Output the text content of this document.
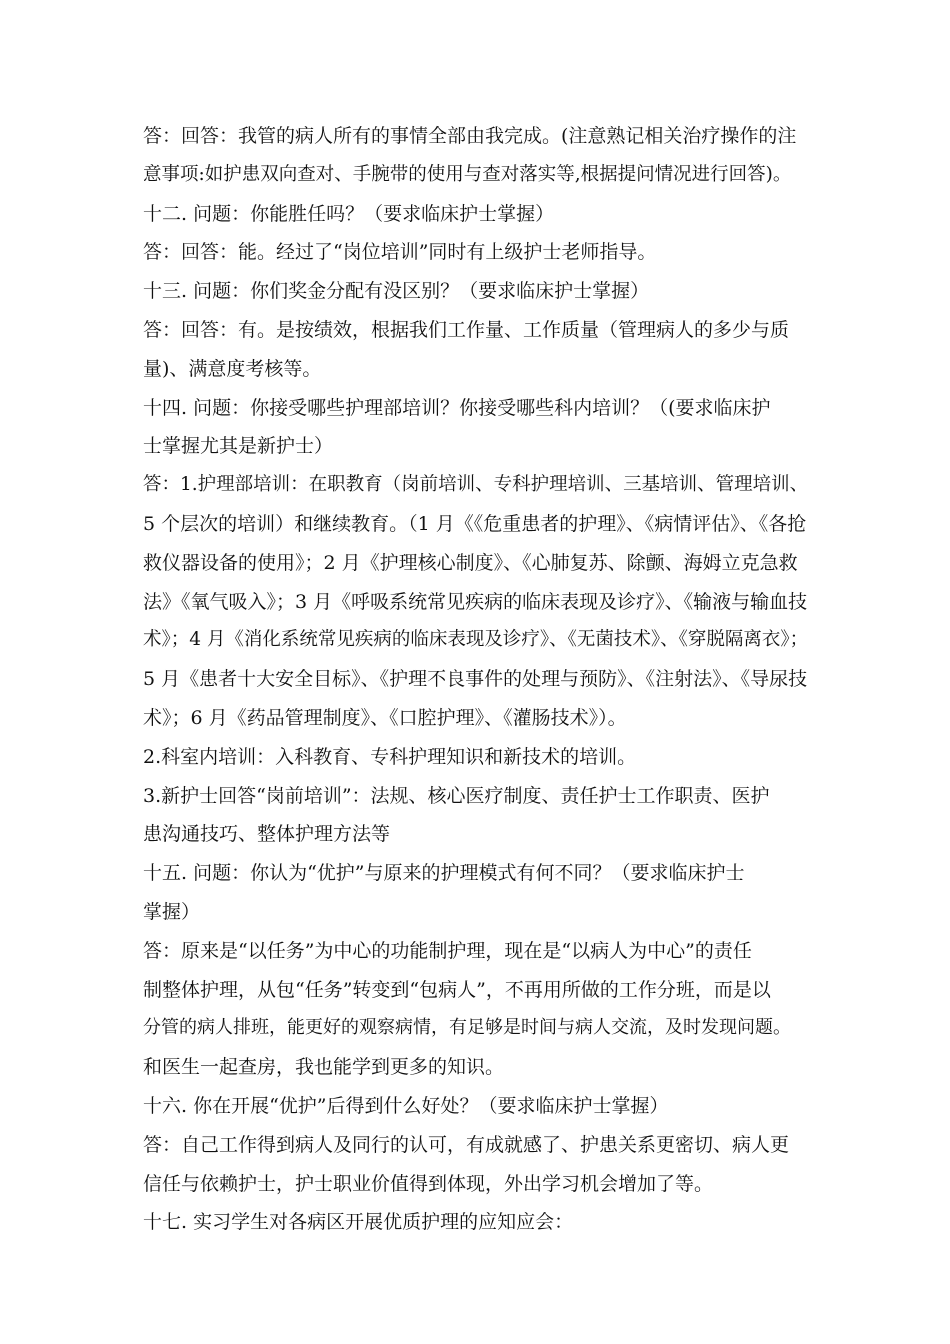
答：回答：我管的病人所有的事情全部由我完成。(注意熟记相关治疗操作的注
意事项:如护患双向查对、手腕带的使用与查对落实等,根据提问情况进行回答)。
十二. 问题：你能胜任吗？（要求临床护士掌握）
答：回答：能。经过了“岗位培训”同时有上级护士老师指导。
十三. 问题：你们奖金分配有没区别？（要求临床护士掌握）
答：回答：有。是按绩效，根据我们工作量、工作质量（管理病人的多少与质
量)、满意度考核等。
十四. 问题：你接受哪些护理部培训？你接受哪些科内培训？（(要求临床护
士掌握尤其是新护士）
答：1.护理部培训：在职教育（岗前培训、专科护理培训、三基培训、管理培训、
5 个层次的培训）和继续教育。（1 月《《危重患者的护理》、《病情评估》、《各抢
救仪器设备的使用》；2 月《护理核心制度》、《心肺复苏、除颤、海姆立克急救
法》《氧气吸入》；3 月《呼吸系统常见疾病的临床表现及诊疗》、《输液与输血技
术》；4 月《消化系统常见疾病的临床表现及诊疗》、《无菌技术》、《穿脱隔离衣》；
5 月《患者十大安全目标》、《护理不良事件的处理与预防》、《注射法》、《导尿技
术》；6 月《药品管理制度》、《口腔护理》、《灌肠技术》）。
2.科室内培训：入科教育、专科护理知识和新技术的培训。
3.新护士回答“岗前培训”：法规、核心医疗制度、责任护士工作职责、医护
患沟通技巧、整体护理方法等
十五. 问题：你认为“优护”与原来的护理模式有何不同？（要求临床护士
掌握）
答：原来是“以任务”为中心的功能制护理，现在是“以病人为中心”的责任
制整体护理，从包“任务”转变到“包病人”，不再用所做的工作分班，而是以
分管的病人排班，能更好的观察病情，有足够是时间与病人交流，及时发现问题。
和医生一起查房，我也能学到更多的知识。
十六. 你在开展“优护”后得到什么好处？（要求临床护士掌握）
答：自己工作得到病人及同行的认可，有成就感了、护患关系更密切、病人更
信任与依赖护士，护士职业价值得到体现，外出学习机会增加了等。
十七. 实习学生对各病区开展优质护理的应知应会：
